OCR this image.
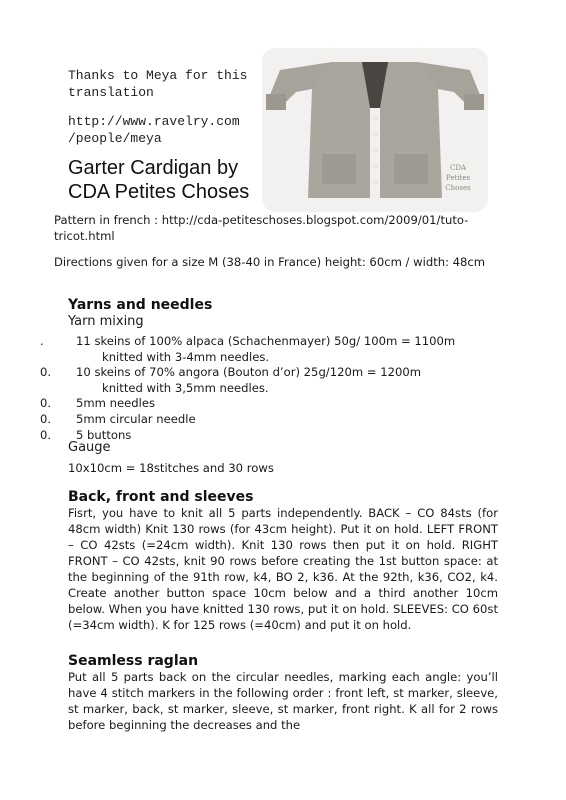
Thanks to Meya for this translation
http://www.ravelry.com /people/meya
CDA
Petites
Choses
Garter Cardigan by CDA Petites Choses
Pattern in french : http://cda-petiteschoses.blogspot.com/2009/01/tuto-tricot.html
Directions given for a size M (38-40 in France) height: 60cm / width: 48cm
Yarns and needles
Yarn mixing
.	11 skeins of 100% alpaca (Schachenmayer) 50g/ 100m = 1100m
knitted with 3-4mm needles.
0.	10 skeins of 70% angora (Bouton d’or) 25g/120m = 1200m
knitted with 3,5mm needles.
0.	5mm needles
0.	5mm circular needle
0.	5 buttons
Gauge
10x10cm = 18stitches and 30 rows
Back, front and sleeves
Fisrt, you have to knit all 5 parts independently. BACK – CO 84sts (for 48cm width) Knit 130 rows (for 43cm height). Put it on hold. LEFT FRONT – CO 42sts (=24cm width). Knit 130 rows then put it on hold. RIGHT FRONT – CO 42sts, knit 90 rows before creating the 1st button space: at the beginning of the 91th row, k4, BO 2, k36. At the 92th, k36, CO2, k4. Create another button space 10cm below and a third another 10cm below. When you have knitted 130 rows, put it on hold. SLEEVES: CO 60st (=34cm width). K for 125 rows (=40cm) and put it on hold.
Seamless raglan
Put all 5 parts back on the circular needles, marking each angle: you’ll have 4 stitch markers in the following order : front left, st marker, sleeve, st marker, back, st marker, sleeve, st marker, front right. K all for 2 rows before beginning the decreases and the
